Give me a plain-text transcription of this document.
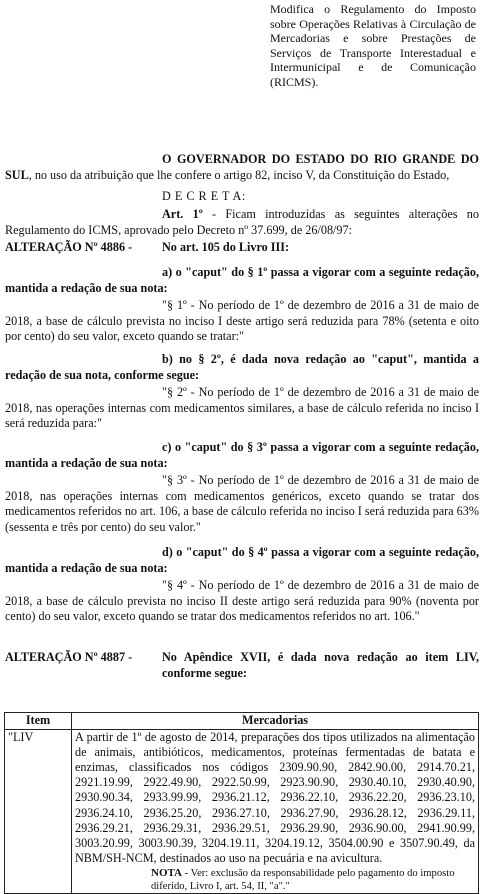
Modifica o Regulamento do Imposto sobre Operações Relativas à Circulação de Mercadorias e sobre Prestações de Serviços de Transporte Interestadual e Intermunicipal e de Comunicação (RICMS).
O GOVERNADOR DO ESTADO DO RIO GRANDE DO SUL, no uso da atribuição que lhe confere o artigo 82, inciso V, da Constituição do Estado,
D E C R E T A:
Art. 1º - Ficam introduzidas as seguintes alterações no Regulamento do ICMS, aprovado pelo Decreto nº 37.699, de 26/08/97:
ALTERAÇÃO Nº 4886 - No art. 105 do Livro III:
a) o "caput" do § 1º passa a vigorar com a seguinte redação, mantida a redação de sua nota:
"§ 1º - No período de 1º de dezembro de 2016 a 31 de maio de 2018, a base de cálculo prevista no inciso I deste artigo será reduzida para 78% (setenta e oito por cento) do seu valor, exceto quando se tratar:"
b) no § 2º, é dada nova redação ao "caput", mantida a redação de sua nota, conforme segue:
"§ 2º - No período de 1º de dezembro de 2016 a 31 de maio de 2018, nas operações internas com medicamentos similares, a base de cálculo referida no inciso I será reduzida para:"
c) o "caput" do § 3º passa a vigorar com a seguinte redação, mantida a redação de sua nota:
"§ 3º - No período de 1º de dezembro de 2016 a 31 de maio de 2018, nas operações internas com medicamentos genéricos, exceto quando se tratar dos medicamentos referidos no art. 106, a base de cálculo referida no inciso I será reduzida para 63% (sessenta e três por cento) do seu valor."
d) o "caput" do § 4º passa a vigorar com a seguinte redação, mantida a redação de sua nota:
"§ 4º - No período de 1º de dezembro de 2016 a 31 de maio de 2018, a base de cálculo prevista no inciso II deste artigo será reduzida para 90% (noventa por cento) do seu valor, exceto quando se tratar dos medicamentos referidos no art. 106."
ALTERAÇÃO Nº 4887 - No Apêndice XVII, é dada nova redação ao item LIV, conforme segue:
Item	Mercadorias
"LIV	A partir de 1º de agosto de 2014, preparações dos tipos utilizados na alimentação de animais, antibióticos, medicamentos, proteínas fermentadas de batata e enzimas, classificados nos códigos 2309.90.90, 2842.90.00, 2914.70.21, 2921.19.99, 2922.49.90, 2922.50.99, 2923.90.90, 2930.40.10, 2930.40.90, 2930.90.34, 2933.99.99, 2936.21.12, 2936.22.10, 2936.22.20, 2936.23.10, 2936.24.10, 2936.25.20, 2936.27.10, 2936.27.90, 2936.28.12, 2936.29.11, 2936.29.21, 2936.29.31, 2936.29.51, 2936.29.90, 2936.90.00, 2941.90.99, 3003.20.99, 3003.90.39, 3204.19.11, 3204.19.12, 3504.00.90 e 3507.90.49, da NBM/SH-NCM, destinados ao uso na pecuária e na avicultura.
NOTA - Ver: exclusão da responsabilidade pelo pagamento do imposto diferido, Livro I, art. 54, II, "a"."
